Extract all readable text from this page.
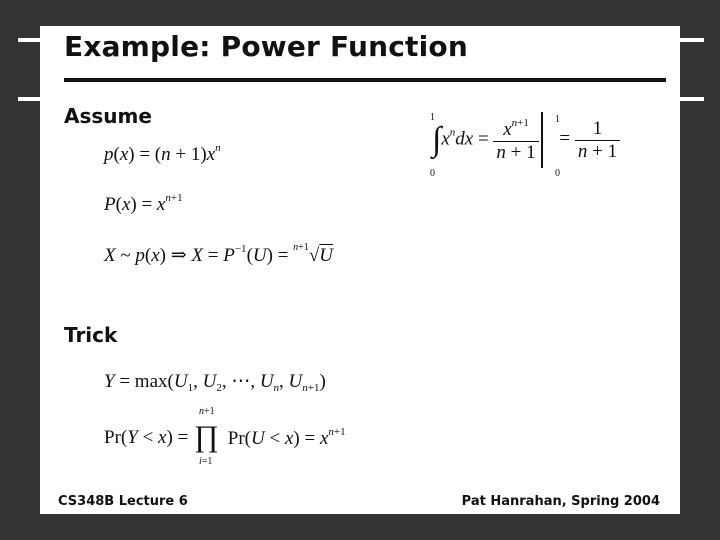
Example: Power Function
Assume
$p(x) = (n + 1)x^n$
$P(x) = x^{n+1}$
X ~ p(x) ⇒ $X = P^{-1}(U) = ^{n+1}√U$
1
0
$\int x^ndx = \frac{x^{n+1}}{n + 1}$
1
0
= $\frac{1}{n + 1}$
Trick
$Y = \max(U_1$, $U_2$, ⋯, $U_n$, $U_{n+1}$)
Pr(Y < x) =
n+1
∏
i=1
$Pr(U < x) = x^{n+1}$
CS348B Lecture 6	Pat Hanrahan, Spring 2004
